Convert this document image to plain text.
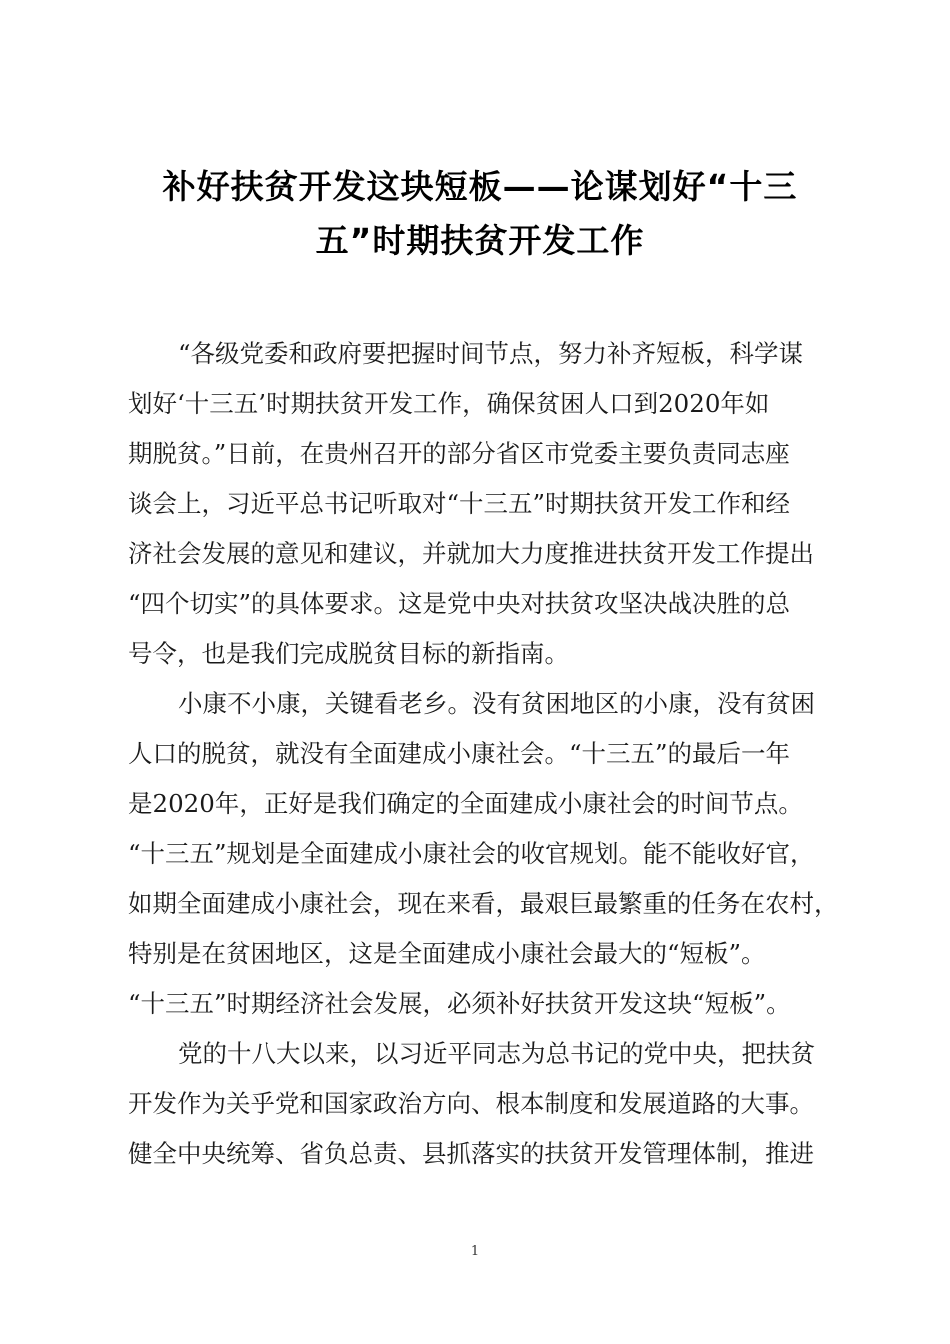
补好扶贫开发这块短板——论谋划好“十三
五”时期扶贫开发工作
“各级党委和政府要把握时间节点，努力补齐短板，科学谋
划好‘十三五’时期扶贫开发工作，确保贫困人口到2020年如
期脱贫。”日前，在贵州召开的部分省区市党委主要负责同志座
谈会上，习近平总书记听取对“十三五”时期扶贫开发工作和经
济社会发展的意见和建议，并就加大力度推进扶贫开发工作提出
“四个切实”的具体要求。这是党中央对扶贫攻坚决战决胜的总
号令，也是我们完成脱贫目标的新指南。
小康不小康，关键看老乡。没有贫困地区的小康，没有贫困
人口的脱贫，就没有全面建成小康社会。“十三五”的最后一年
是2020年，正好是我们确定的全面建成小康社会的时间节点。
“十三五”规划是全面建成小康社会的收官规划。能不能收好官，
如期全面建成小康社会，现在来看，最艰巨最繁重的任务在农村，
特别是在贫困地区，这是全面建成小康社会最大的“短板”。
“十三五”时期经济社会发展，必须补好扶贫开发这块“短板”。
党的十八大以来，以习近平同志为总书记的党中央，把扶贫
开发作为关乎党和国家政治方向、根本制度和发展道路的大事。
健全中央统筹、省负总责、县抓落实的扶贫开发管理体制，推进
1
